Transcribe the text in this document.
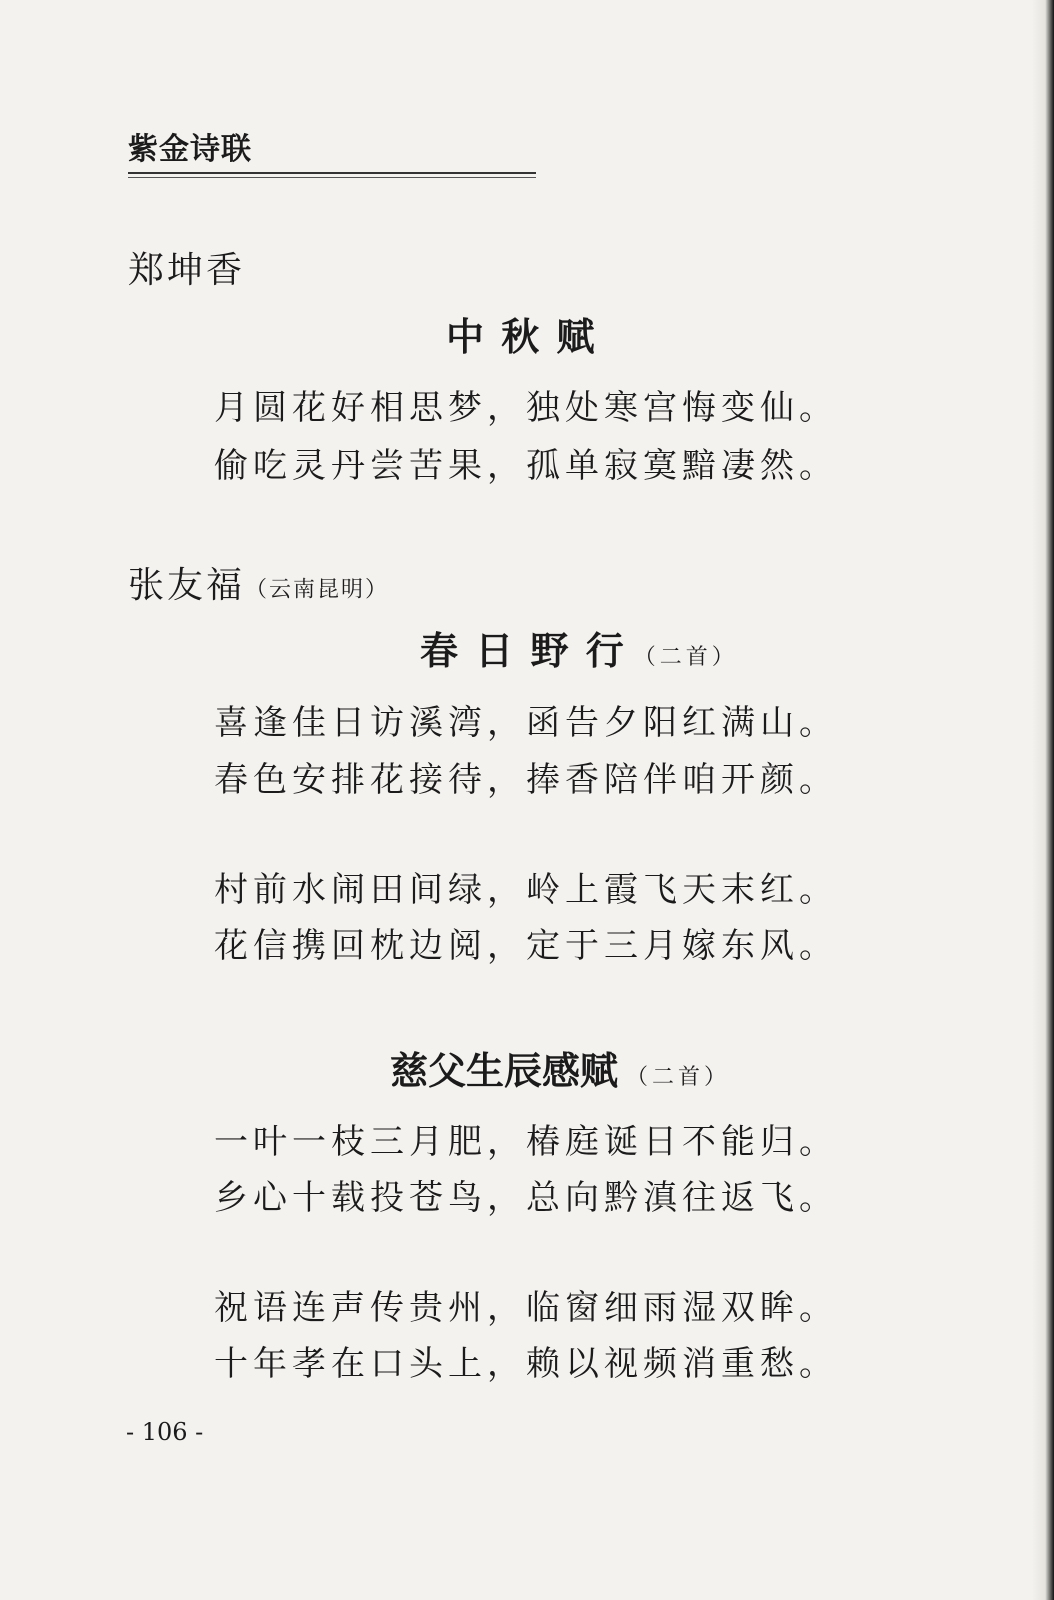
紫金诗联
郑坤香
中 秋 赋
月圆花好相思梦，独处寒宫悔变仙。
偷吃灵丹尝苦果，孤单寂寞黯凄然。
张友福（云南昆明）
春 日 野 行 （二首）
喜逢佳日访溪湾，函告夕阳红满山。
春色安排花接待，捧香陪伴咱开颜。
村前水闹田间绿，岭上霞飞天末红。
花信携回枕边阅，定于三月嫁东风。
慈父生辰感赋 （二首）
一叶一枝三月肥，椿庭诞日不能归。
乡心十载投苍鸟，总向黔滇往返飞。
祝语连声传贵州，临窗细雨湿双眸。
十年孝在口头上，赖以视频消重愁。
- 106 -
